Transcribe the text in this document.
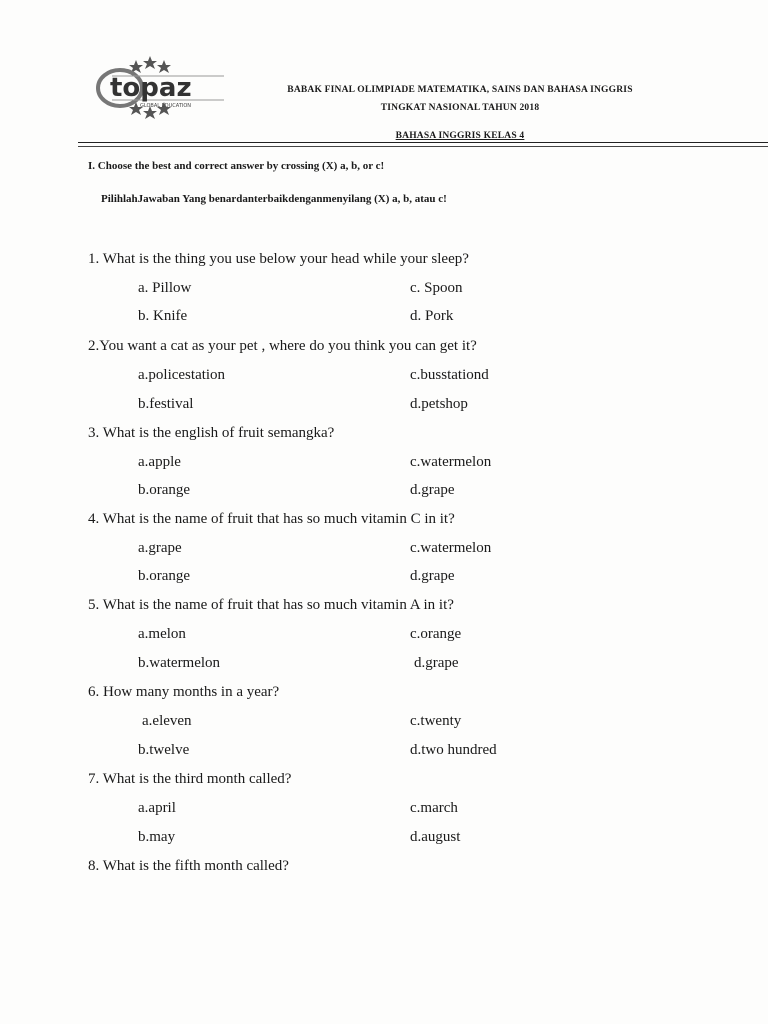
topaz
GLOBAL EDUCATION
BABAK FINAL OLIMPIADE MATEMATIKA, SAINS DAN BAHASA INGGRIS
TINGKAT NASIONAL TAHUN 2018
BAHASA INGGRIS KELAS 4
I. Choose the best and correct answer by crossing (X) a, b, or c!
PilihlahJawaban Yang benardanterbaikdenganmenyilang (X) a, b, atau c!
1. What is the thing you use below your head while your sleep?
a. Pillow	c. Spoon
b. Knife	d. Pork
2.You want a cat as your pet , where do you think you can get it?
a.policestation	c.busstationd
b.festival	d.petshop
3. What is the english of fruit semangka?
a.apple	c.watermelon
b.orange	d.grape
4. What is the name of fruit that has so much vitamin C in it?
a.grape	c.watermelon
b.orange	d.grape
5. What is the name of fruit that has so much vitamin A in it?
a.melon	c.orange
b.watermelon	d.grape
6. How many months in a year?
a.eleven	c.twenty
b.twelve	d.two hundred
7. What is the third month called?
a.april	c.march
b.may	d.august
8. What is the fifth month called?
